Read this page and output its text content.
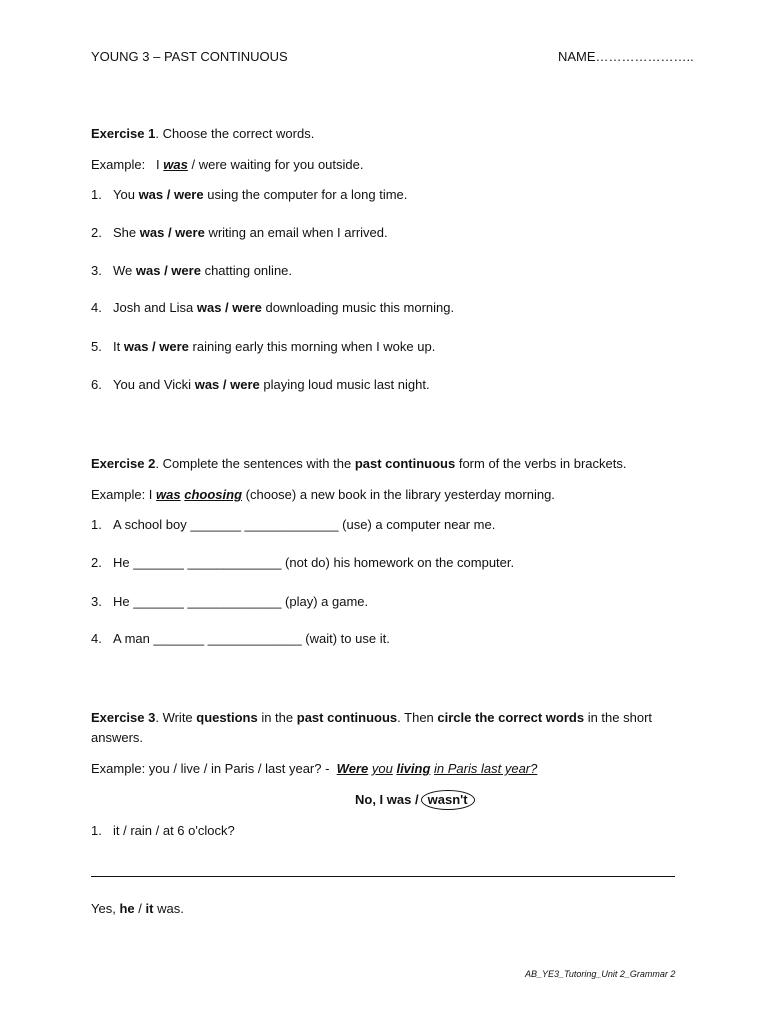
YOUNG 3 – PAST CONTINUOUS	NAME…………………..
Exercise 1. Choose the correct words.
Example: I was / were waiting for you outside.
1. You was / were using the computer for a long time.
2. She was / were writing an email when I arrived.
3. We was / were chatting online.
4. Josh and Lisa was / were downloading music this morning.
5. It was / were raining early this morning when I woke up.
6. You and Vicki was / were playing loud music last night.
Exercise 2. Complete the sentences with the past continuous form of the verbs in brackets.
Example: I was choosing (choose) a new book in the library yesterday morning.
1. A school boy _______ _____________ (use) a computer near me.
2. He _______ _____________ (not do) his homework on the computer.
3. He _______ _____________ (play) a game.
4. A man _______ _____________ (wait) to use it.
Exercise 3. Write questions in the past continuous. Then circle the correct words in the short answers.
Example: you / live / in Paris / last year? - Were you living in Paris last year?
No, I was / wasn't
1. it / rain / at 6 o'clock?
Yes, he / it was.
AB_YE3_Tutoring_Unit 2_Grammar 2
